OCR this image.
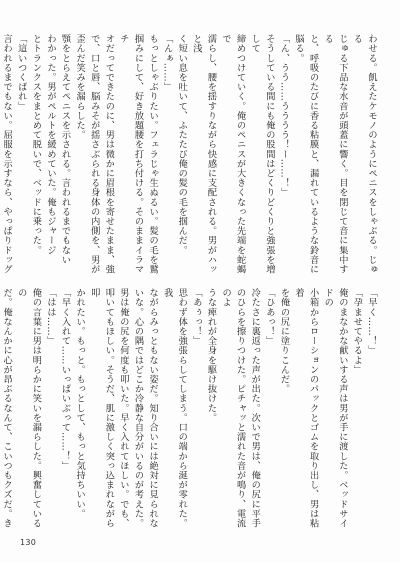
わせる。飢えたケモノのようにペニスをしゃぶる。じゅる
じゅる下品な水音が頭蓋に響く。目を閉じて音に集中する
と、呼吸のたびに香る粘膜と、漏れているような鈴音に
脳る。
「ん、うう……うううう！ー……！」
そうしている間にも俺の股間はどくりどくりと強張を増して
締めつけていく。俺のペニスが大きくなった先端を蛇蝎で
濡らし、腰を揺すりながら快感に支配される。男がハッと浅
く短い息を吐いて、ふたたび俺の髪の毛を掴んだ。
「んぁ……」
もっとしゃぶりたい。フェラじゃ生ぬるい。髪の毛を鷲
掴みにして、好き放題腰を打ち付ける。そのままイラマチ
オだってできたのに、男は微かに眉根を寄せたまま、強
で、口と唇、脳みそが揺さぶられる身体の内側を、男が
歪んだ笑みを漏らした。
顎をとらえてペニスを示される。言われるまでもない
わかった。男がペルトを緩めていた。俺もジャージ
とトランクスをまとめて脱いで、ベッドに乗った。
「這いつくばれ」
言われるまでもない。屈服を示すなら、やっぱりドッグ
「早く……！」
「孕ませてやるよ」
俺のまなかな献いする声は男が手に渡した。ベッドサイドの
小箱からローションのパックとゴムを取り出し、男は粘着
を俺の尻に塗りこんだ。
「ひあっ！」
冷たさに裏返った声が出た。次いで男は、俺の尻に平手
のひらを擦りつけた。ピチャッと濡れた音が鳴り、電流のよ
うな痺れが全身を駆け抜けた。
「あぅっ！」
思わず体を強張らしてしまう。口の端から涎が零れた。我
ながらみっともない姿だ。知り合いには絶対に見られな
いな。心の隅ではどこか冷静な自分がいるのが考えた。
男は俺の尻を何度も叩いた。早く入れてほしい。でも、
叩いてもほしい。そうだ、肌に激しく突っ込まれながら叩
かれたい。もっと。もっとして、もっと気持ちいい。
「早く入れて……いっぱいぶって……！」
「はは……」
俺の言葉に男は明らかに笑いを漏らした。興奮しているの
だ。俺なんかに心が昂ぶるなんて、こいつもクズだ。き
130
